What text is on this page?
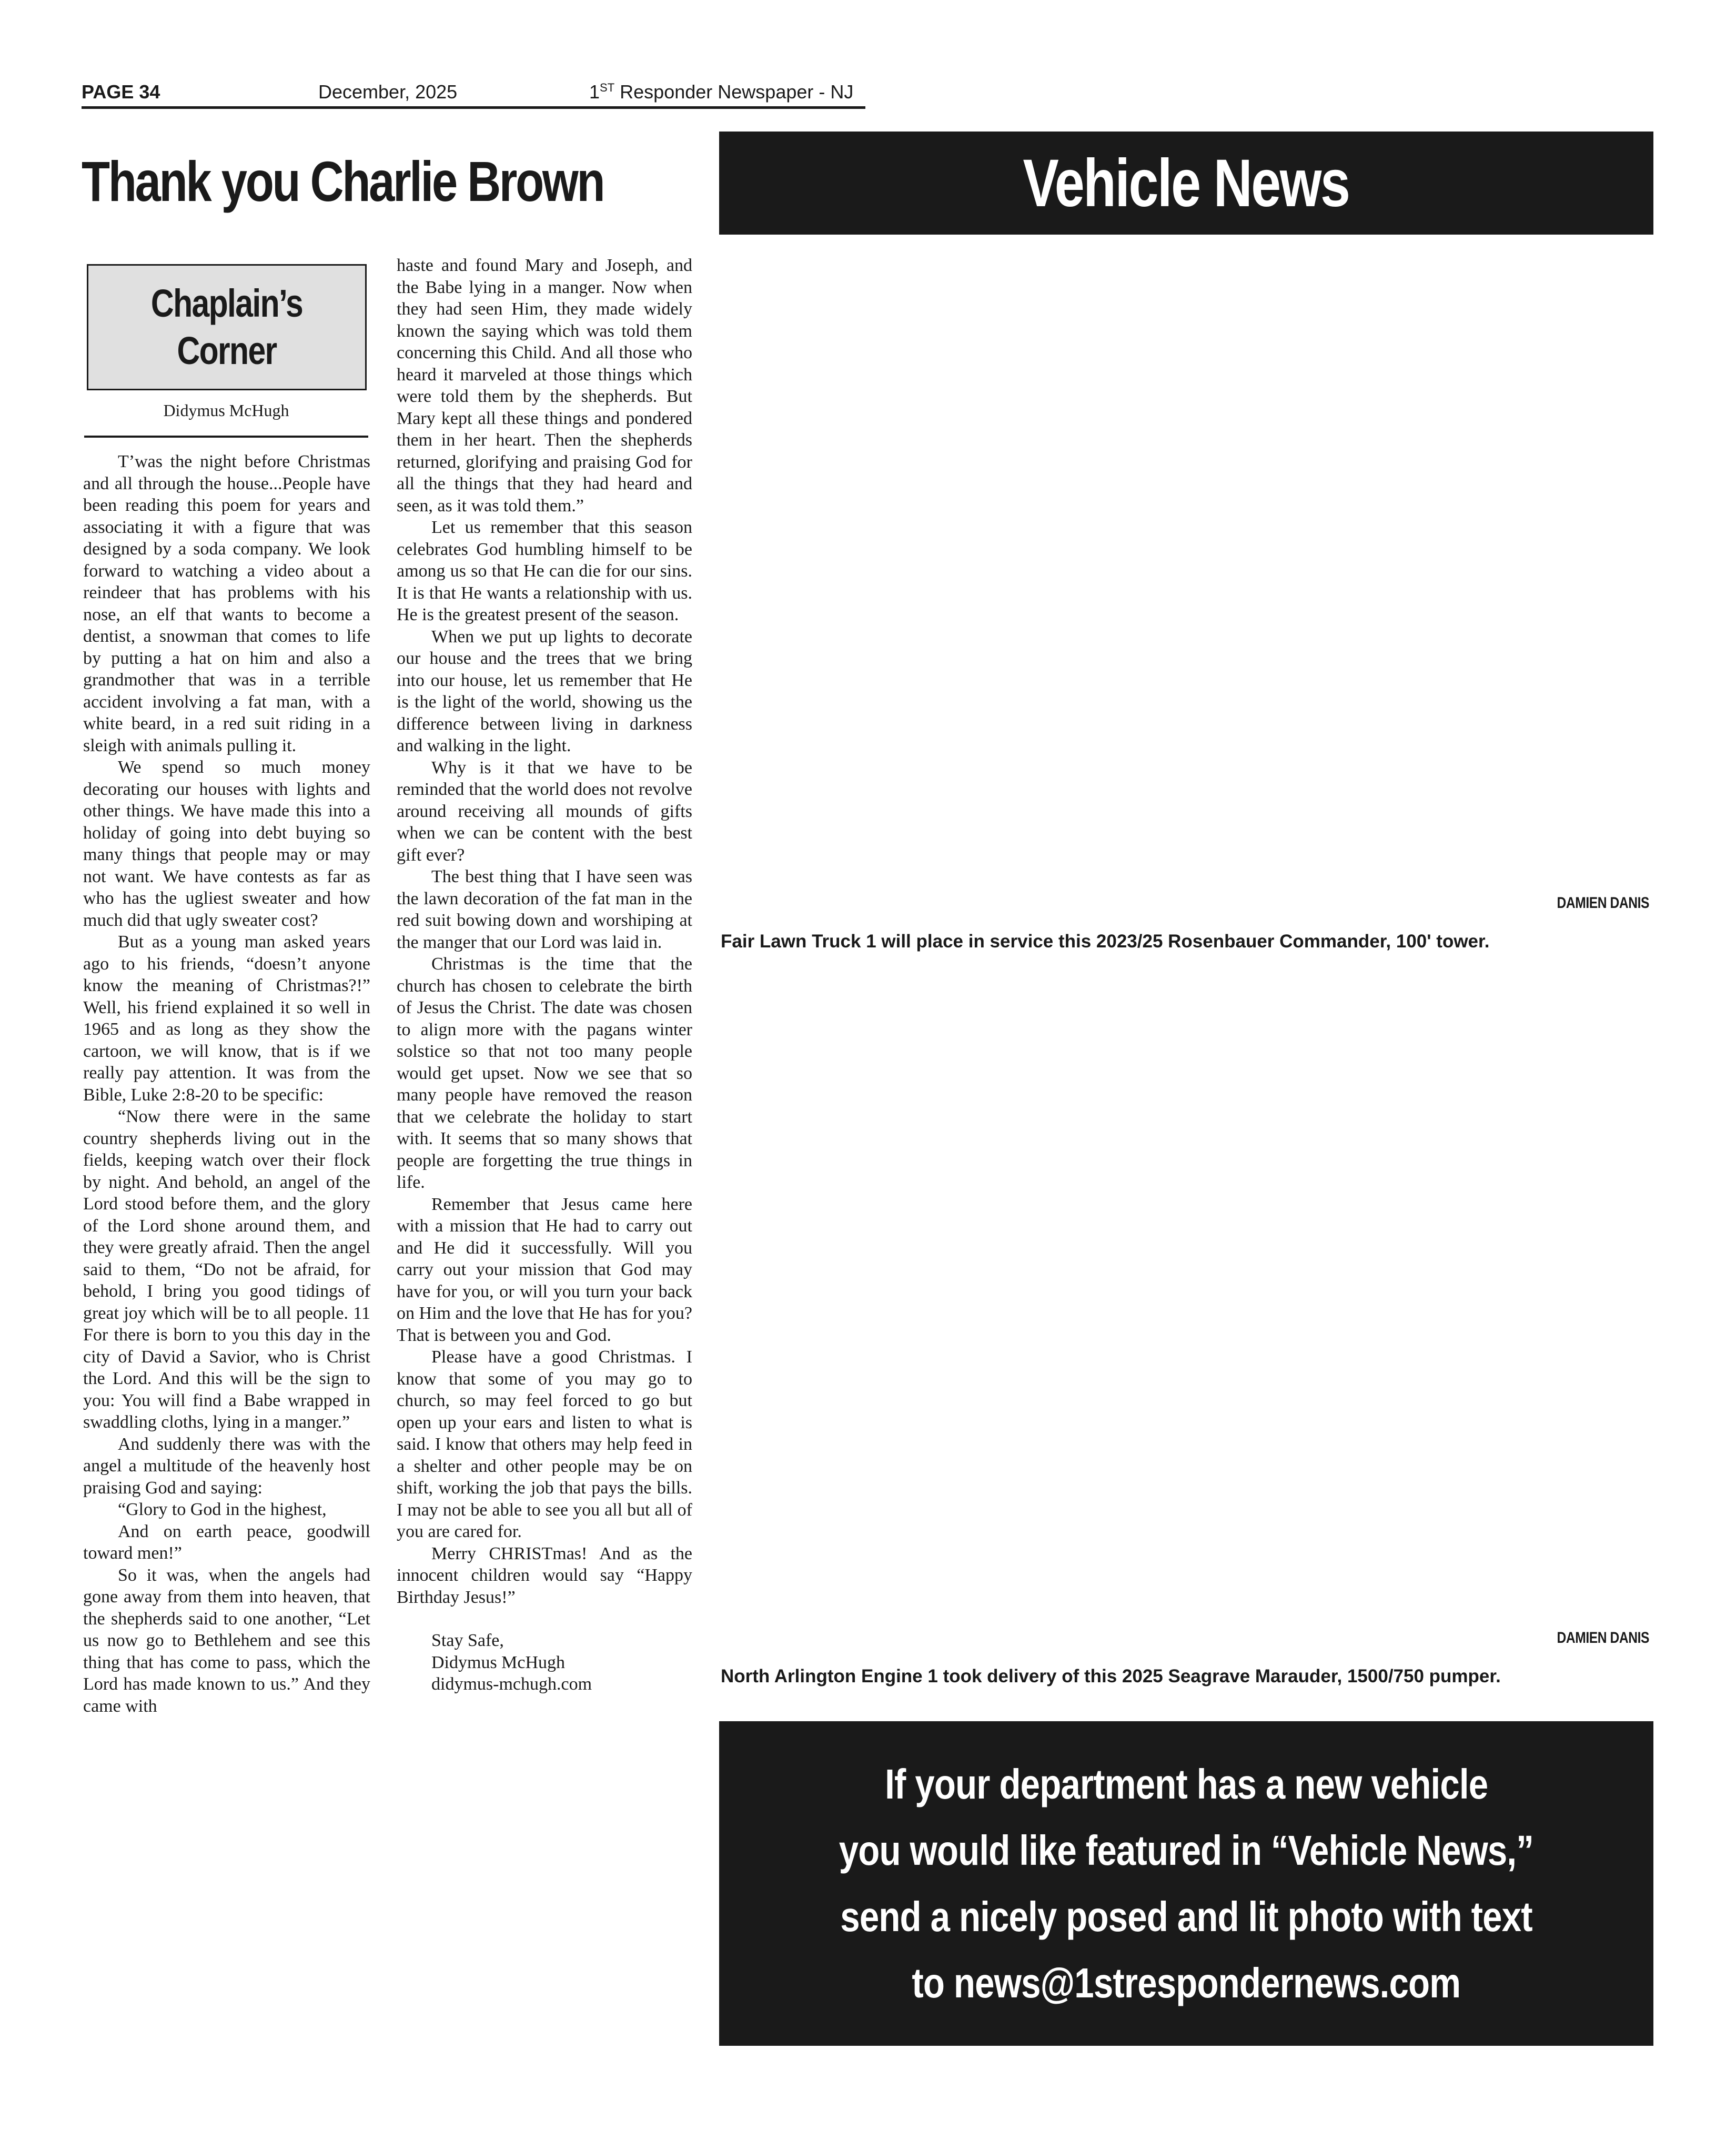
PAGE 34	December, 2025	1ST Responder Newspaper - NJ
Thank you Charlie Brown	Vehicle News
Chaplain’s
Corner
Didymus McHugh

T’was the night before Christmas and all through the house...People have been reading this poem for years and associating it with a figure that was designed by a soda company. We look forward to watching a video about a reindeer that has problems with his nose, an elf that wants to become a dentist, a snowman that comes to life by putting a hat on him and also a grandmother that was in a terrible accident involving a fat man, with a white beard, in a red suit riding in a sleigh with animals pulling it.

We spend so much money decorating our houses with lights and other things. We have made this into a holiday of going into debt buying so many things that people may or may not want. We have contests as far as who has the ugliest sweater and how much did that ugly sweater cost?

But as a young man asked years ago to his friends, “doesn’t anyone know the meaning of Christmas?!” Well, his friend explained it so well in 1965 and as long as they show the cartoon, we will know, that is if we really pay attention. It was from the Bible, Luke 2:8-20 to be specific:

“Now there were in the same country shepherds living out in the fields, keeping watch over their flock by night. And behold, an angel of the Lord stood before them, and the glory of the Lord shone around them, and they were greatly afraid. Then the angel said to them, “Do not be afraid, for behold, I bring you good tidings of great joy which will be to all people. 11 For there is born to you this day in the city of David a Savior, who is Christ the Lord. And this will be the sign to you: You will find a Babe wrapped in swaddling cloths, lying in a manger.”

And suddenly there was with the angel a multitude of the heavenly host praising God and saying:

“Glory to God in the highest,

And on earth peace, goodwill toward men!”

So it was, when the angels had gone away from them into heaven, that the shepherds said to one another, “Let us now go to Bethlehem and see this thing that has come to pass, which the Lord has made known to us.” And they came with

haste and found Mary and Joseph, and the Babe lying in a manger. Now when they had seen Him, they made widely known the saying which was told them concerning this Child. And all those who heard it marveled at those things which were told them by the shepherds. But Mary kept all these things and pondered them in her heart. Then the shepherds returned, glorifying and praising God for all the things that they had heard and seen, as it was told them.”

Let us remember that this season celebrates God humbling himself to be among us so that He can die for our sins. It is that He wants a relationship with us. He is the greatest present of the season.

When we put up lights to decorate our house and the trees that we bring into our house, let us remember that He is the light of the world, showing us the difference between living in darkness and walking in the light.

Why is it that we have to be reminded that the world does not revolve around receiving all mounds of gifts when we can be content with the best gift ever?

The best thing that I have seen was the lawn decoration of the fat man in the red suit bowing down and worshiping at the manger that our Lord was laid in.

Christmas is the time that the church has chosen to celebrate the birth of Jesus the Christ. The date was chosen to align more with the pagans winter solstice so that not too many people would get upset. Now we see that so many people have removed the reason that we celebrate the holiday to start with. It seems that so many shows that people are forgetting the true things in life.

Remember that Jesus came here with a mission that He had to carry out and He did it successfully. Will you carry out your mission that God may have for you, or will you turn your back on Him and the love that He has for you? That is between you and God.

Please have a good Christmas. I know that some of you may go to church, so may feel forced to go but open up your ears and listen to what is said. I know that others may help feed in a shelter and other people may be on shift, working the job that pays the bills. I may not be able to see you all but all of you are cared for.

Merry CHRISTmas! And as the innocent children would say “Happy Birthday Jesus!”

Stay Safe,
Didymus McHugh
didymus-mchugh.com
DAMIEN DANIS
Fair Lawn Truck 1 will place in service this 2023/25 Rosenbauer Commander, 100' tower.
DAMIEN DANIS
North Arlington Engine 1 took delivery of this 2025 Seagrave Marauder, 1500/750 pumper.
If your department has a new vehicle
you would like featured in “Vehicle News,”
send a nicely posed and lit photo with text
to news@1strespondernews.com
